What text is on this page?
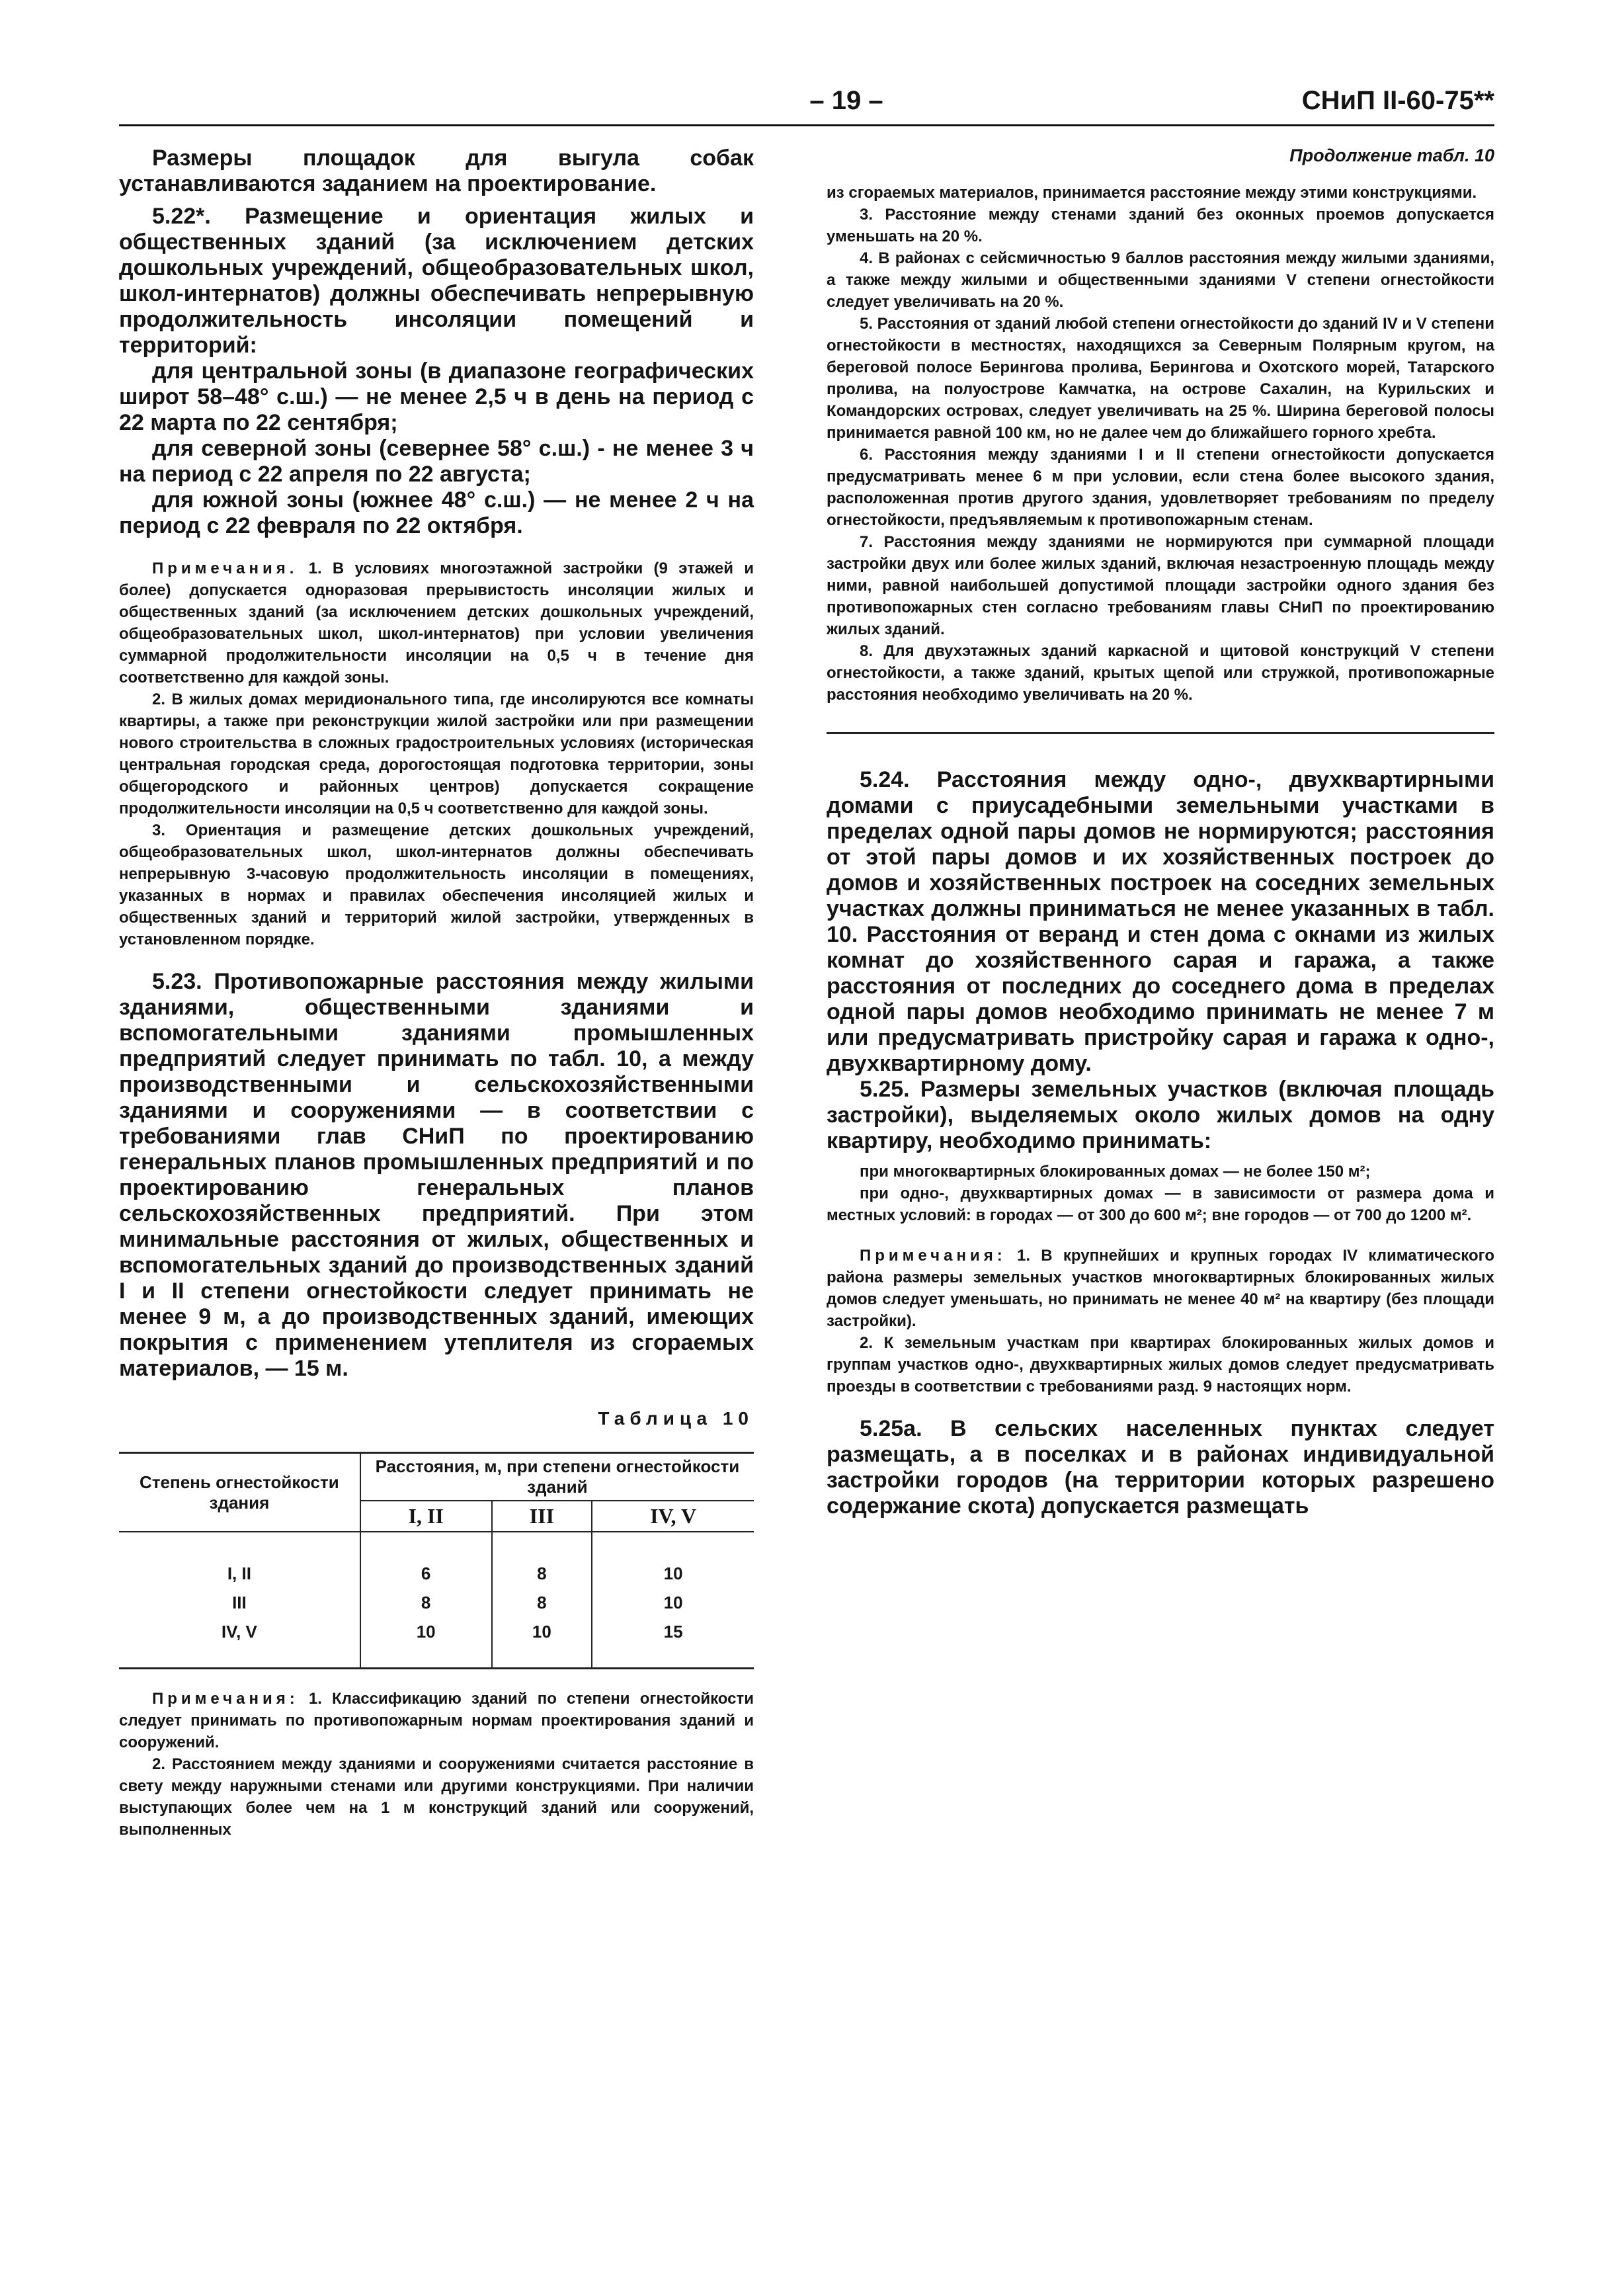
– 19 –	СНиП II-60-75**

Размеры площадок для выгула собак устанавливаются заданием на проектирование.

5.22*. Размещение и ориентация жилых и общественных зданий (за исключением детских дошкольных учреждений, общеобразовательных школ, школ-интернатов) должны обеспечивать непрерывную продолжительность инсоляции помещений и территорий:

для центральной зоны (в диапазоне географических широт 58–48° с.ш.) — не менее 2,5 ч в день на период с 22 марта по 22 сентября;

для северной зоны (севернее 58° с.ш.) - не менее 3 ч на период с 22 апреля по 22 августа;

для южной зоны (южнее 48° с.ш.) — не менее 2 ч на период с 22 февраля по 22 октября.

Примечания. 1. В условиях многоэтажной застройки (9 этажей и более) допускается одноразовая прерывистость инсоляции жилых и общественных зданий (за исключением детских дошкольных учреждений, общеобразовательных школ, школ-интернатов) при условии увеличения суммарной продолжительности инсоляции на 0,5 ч в течение дня соответственно для каждой зоны.

2. В жилых домах меридионального типа, где инсолируются все комнаты квартиры, а также при реконструкции жилой застройки или при размещении нового строительства в сложных градостроительных условиях (историческая центральная городская среда, дорогостоящая подготовка территории, зоны общегородского и районных центров) допускается сокращение продолжительности инсоляции на 0,5 ч соответственно для каждой зоны.

3. Ориентация и размещение детских дошкольных учреждений, общеобразовательных школ, школ-интернатов должны обеспечивать непрерывную 3-часовую продолжительность инсоляции в помещениях, указанных в нормах и правилах обеспечения инсоляцией жилых и общественных зданий и территорий жилой застройки, утвержденных в установленном порядке.

5.23. Противопожарные расстояния между жилыми зданиями, общественными зданиями и вспомогательными зданиями промышленных предприятий следует принимать по табл. 10, а между производственными и сельскохозяйственными зданиями и сооружениями — в соответствии с требованиями глав СНиП по проектированию генеральных планов промышленных предприятий и по проектированию генеральных планов сельскохозяйственных предприятий. При этом минимальные расстояния от жилых, общественных и вспомогательных зданий до производственных зданий I и II степени огнестойкости следует принимать не менее 9 м, а до производственных зданий, имеющих покрытия с применением утеплителя из сгораемых материалов, — 15 м.

Таблица 10
Степень огнестойкости здания	Расстояния, м, при степени огнестойкости зданий		
	I, II	III	IV, V
I, II	6	8	10
III	8	8	10
IV, V	10	10	15

Примечания: 1. Классификацию зданий по степени огнестойкости следует принимать по противопожарным нормам проектирования зданий и сооружений.

2. Расстоянием между зданиями и сооружениями считается расстояние в свету между наружными стенами или другими конструкциями. При наличии выступающих более чем на 1 м конструкций зданий или сооружений, выполненных

Продолжение табл. 10

из сгораемых материалов, принимается расстояние между этими конструкциями.

3. Расстояние между стенами зданий без оконных проемов допускается уменьшать на 20 %.

4. В районах с сейсмичностью 9 баллов расстояния между жилыми зданиями, а также между жилыми и общественными зданиями V степени огнестойкости следует увеличивать на 20 %.

5. Расстояния от зданий любой степени огнестойкости до зданий IV и V степени огнестойкости в местностях, находящихся за Северным Полярным кругом, на береговой полосе Берингова пролива, Берингова и Охотского морей, Татарского пролива, на полуострове Камчатка, на острове Сахалин, на Курильских и Командорских островах, следует увеличивать на 25 %. Ширина береговой полосы принимается равной 100 км, но не далее чем до ближайшего горного хребта.

6. Расстояния между зданиями I и II степени огнестойкости допускается предусматривать менее 6 м при условии, если стена более высокого здания, расположенная против другого здания, удовлетворяет требованиям по пределу огнестойкости, предъявляемым к противопожарным стенам.

7. Расстояния между зданиями не нормируются при суммарной площади застройки двух или более жилых зданий, включая незастроенную площадь между ними, равной наибольшей допустимой площади застройки одного здания без противопожарных стен согласно требованиям главы СНиП по проектированию жилых зданий.

8. Для двухэтажных зданий каркасной и щитовой конструкций V степени огнестойкости, а также зданий, крытых щепой или стружкой, противопожарные расстояния необходимо увеличивать на 20 %.

5.24. Расстояния между одно-, двухквартирными домами с приусадебными земельными участками в пределах одной пары домов не нормируются; расстояния от этой пары домов и их хозяйственных построек до домов и хозяйственных построек на соседних земельных участках должны приниматься не менее указанных в табл. 10. Расстояния от веранд и стен дома с окнами из жилых комнат до хозяйственного сарая и гаража, а также расстояния от последних до соседнего дома в пределах одной пары домов необходимо принимать не менее 7 м или предусматривать пристройку сарая и гаража к одно-, двухквартирному дому.

5.25. Размеры земельных участков (включая площадь застройки), выделяемых около жилых домов на одну квартиру, необходимо принимать:

при многоквартирных блокированных домах — не более 150 м²;

при одно-, двухквартирных домах — в зависимости от размера дома и местных условий: в городах — от 300 до 600 м²; вне городов — от 700 до 1200 м².

Примечания: 1. В крупнейших и крупных городах IV климатического района размеры земельных участков многоквартирных блокированных жилых домов следует уменьшать, но принимать не менее 40 м² на квартиру (без площади застройки).

2. К земельным участкам при квартирах блокированных жилых домов и группам участков одно-, двухквартирных жилых домов следует предусматривать проезды в соответствии с требованиями разд. 9 настоящих норм.

5.25а. В сельских населенных пунктах следует размещать, а в поселках и в районах индивидуальной застройки городов (на территории которых разрешено содержание скота) допускается размещать
